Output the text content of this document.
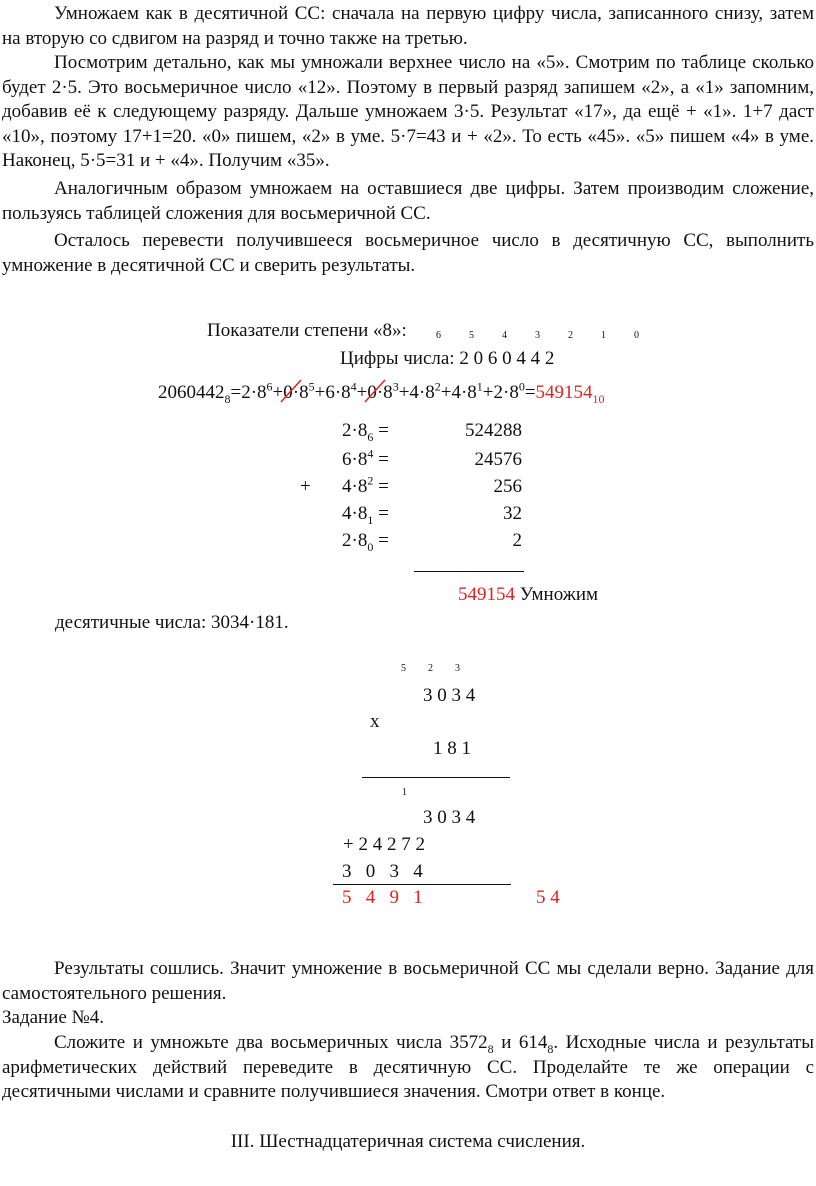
Умножаем как в десятичной СС: сначала на первую цифру числа, записанного снизу, затем на вторую со сдвигом на разряд и точно также на третью.

Посмотрим детально, как мы умножали верхнее число на «5». Смотрим по таблице сколько будет 2·5. Это восьмеричное число «12». Поэтому в первый разряд запишем «2», а «1» запомним, добавив её к следующему разряду. Дальше умножаем 3·5. Результат «17», да ещё + «1». 1+7 даст «10», поэтому 17+1=20. «0» пишем, «2» в уме. 5·7=43 и + «2». То есть «45». «5» пишем «4» в уме. Наконец, 5·5=31 и + «4». Получим «35».

Аналогичным образом умножаем на оставшиеся две цифры. Затем производим сложение, пользуясь таблицей сложения для восьмеричной СС.

Осталось перевести получившееся восьмеричное число в десятичную СС, выполнить умножение в десятичной СС и сверить результаты.

Показатели степени «8»:	6	5	4	3	2	1	0
Цифры числа: 2 0 6 0 4 4 2
$2060442_8=2\cdot 8^6+0\cdot 8^5$
$+6\cdot 8^4+0\cdot 8^3$
$+4\cdot 8^2+4\cdot 8^1+2\cdot 8^0=549154_{10}$
+
$2\cdot 8_6$ =	524288
$6\cdot 8^4$ =	24576
$4\cdot 8^2$ =	256
$4\cdot 8_1$ =	32
$2\cdot 8_0$ =	2
549154 Умножим
десятичные числа: 3034·181.
5 2 3
3 0 3 4
x
1 8 1
1
3 0 3 4
+ 2 4 2 7 2
3   0   3   4
5   4   9   1	5 4

Результаты сошлись. Значит умножение в восьмеричной СС мы сделали верно. Задание для самостоятельного решения.

Задание №4.

Сложите и умножьте два восьмеричных числа $3572_8$ и $614_8$. Исходные числа и результаты арифметических действий переведите в десятичную СС. Проделайте те же операции с десятичными числами и сравните получившиеся значения. Смотри ответ в конце.

III. Шестнадцатеричная система счисления.
